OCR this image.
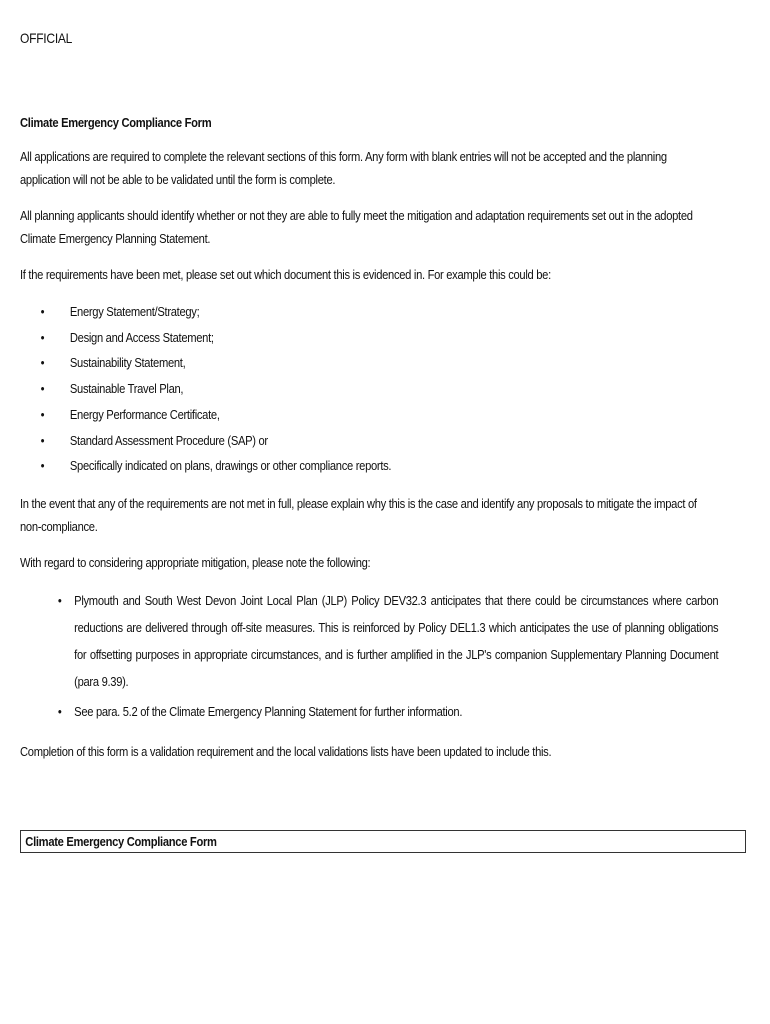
OFFICIAL
Climate Emergency Compliance Form

All applications are required to complete the relevant sections of this form. Any form with blank entries will not be accepted and the planning application will not be able to be validated until the form is complete.

All planning applicants should identify whether or not they are able to fully meet the mitigation and adaptation requirements set out in the adopted Climate Emergency Planning Statement.

If the requirements have been met, please set out which document this is evidenced in. For example this could be:

• Energy Statement/Strategy;
• Design and Access Statement;
• Sustainability Statement,
• Sustainable Travel Plan,
• Energy Performance Certificate,
• Standard Assessment Procedure (SAP) or
• Specifically indicated on plans, drawings or other compliance reports.

In the event that any of the requirements are not met in full, please explain why this is the case and identify any proposals to mitigate the impact of non-compliance.

With regard to considering appropriate mitigation, please note the following:

• Plymouth and South West Devon Joint Local Plan (JLP) Policy DEV32.3 anticipates that there could be circumstances where carbon reductions are delivered through off-site measures. This is reinforced by Policy DEL1.3 which anticipates the use of planning obligations for offsetting purposes in appropriate circumstances, and is further amplified in the JLP's companion Supplementary Planning Document (para 9.39).
• See para. 5.2 of the Climate Emergency Planning Statement for further information.

Completion of this form is a validation requirement and the local validations lists have been updated to include this.

Climate Emergency Compliance Form
